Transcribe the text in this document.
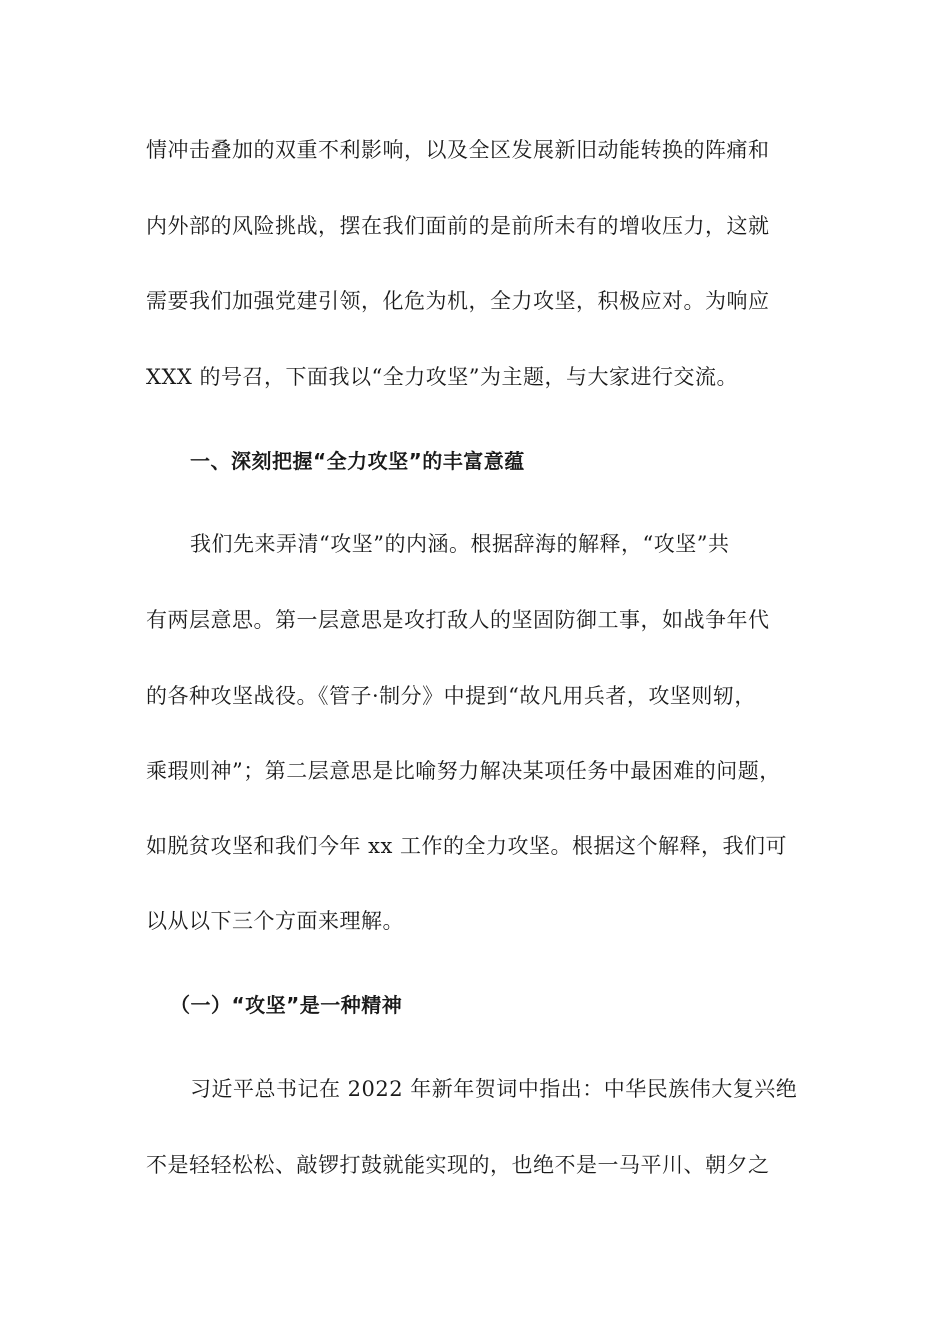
情冲击叠加的双重不利影响，以及全区发展新旧动能转换的阵痛和
内外部的风险挑战，摆在我们面前的是前所未有的增收压力，这就
需要我们加强党建引领，化危为机，全力攻坚，积极应对。为响应
XXX 的号召，下面我以“全力攻坚”为主题，与大家进行交流。
一、深刻把握“全力攻坚”的丰富意蕴
我们先来弄清“攻坚”的内涵。根据辞海的解释，“攻坚”共
有两层意思。第一层意思是攻打敌人的坚固防御工事，如战争年代
的各种攻坚战役。《管子·制分》中提到“故凡用兵者，攻坚则轫，
乘瑕则神”；第二层意思是比喻努力解决某项任务中最困难的问题，
如脱贫攻坚和我们今年 xx 工作的全力攻坚。根据这个解释，我们可
以从以下三个方面来理解。
（一）“攻坚”是一种精神
习近平总书记在 2022 年新年贺词中指出：中华民族伟大复兴绝
不是轻轻松松、敲锣打鼓就能实现的，也绝不是一马平川、朝夕之
